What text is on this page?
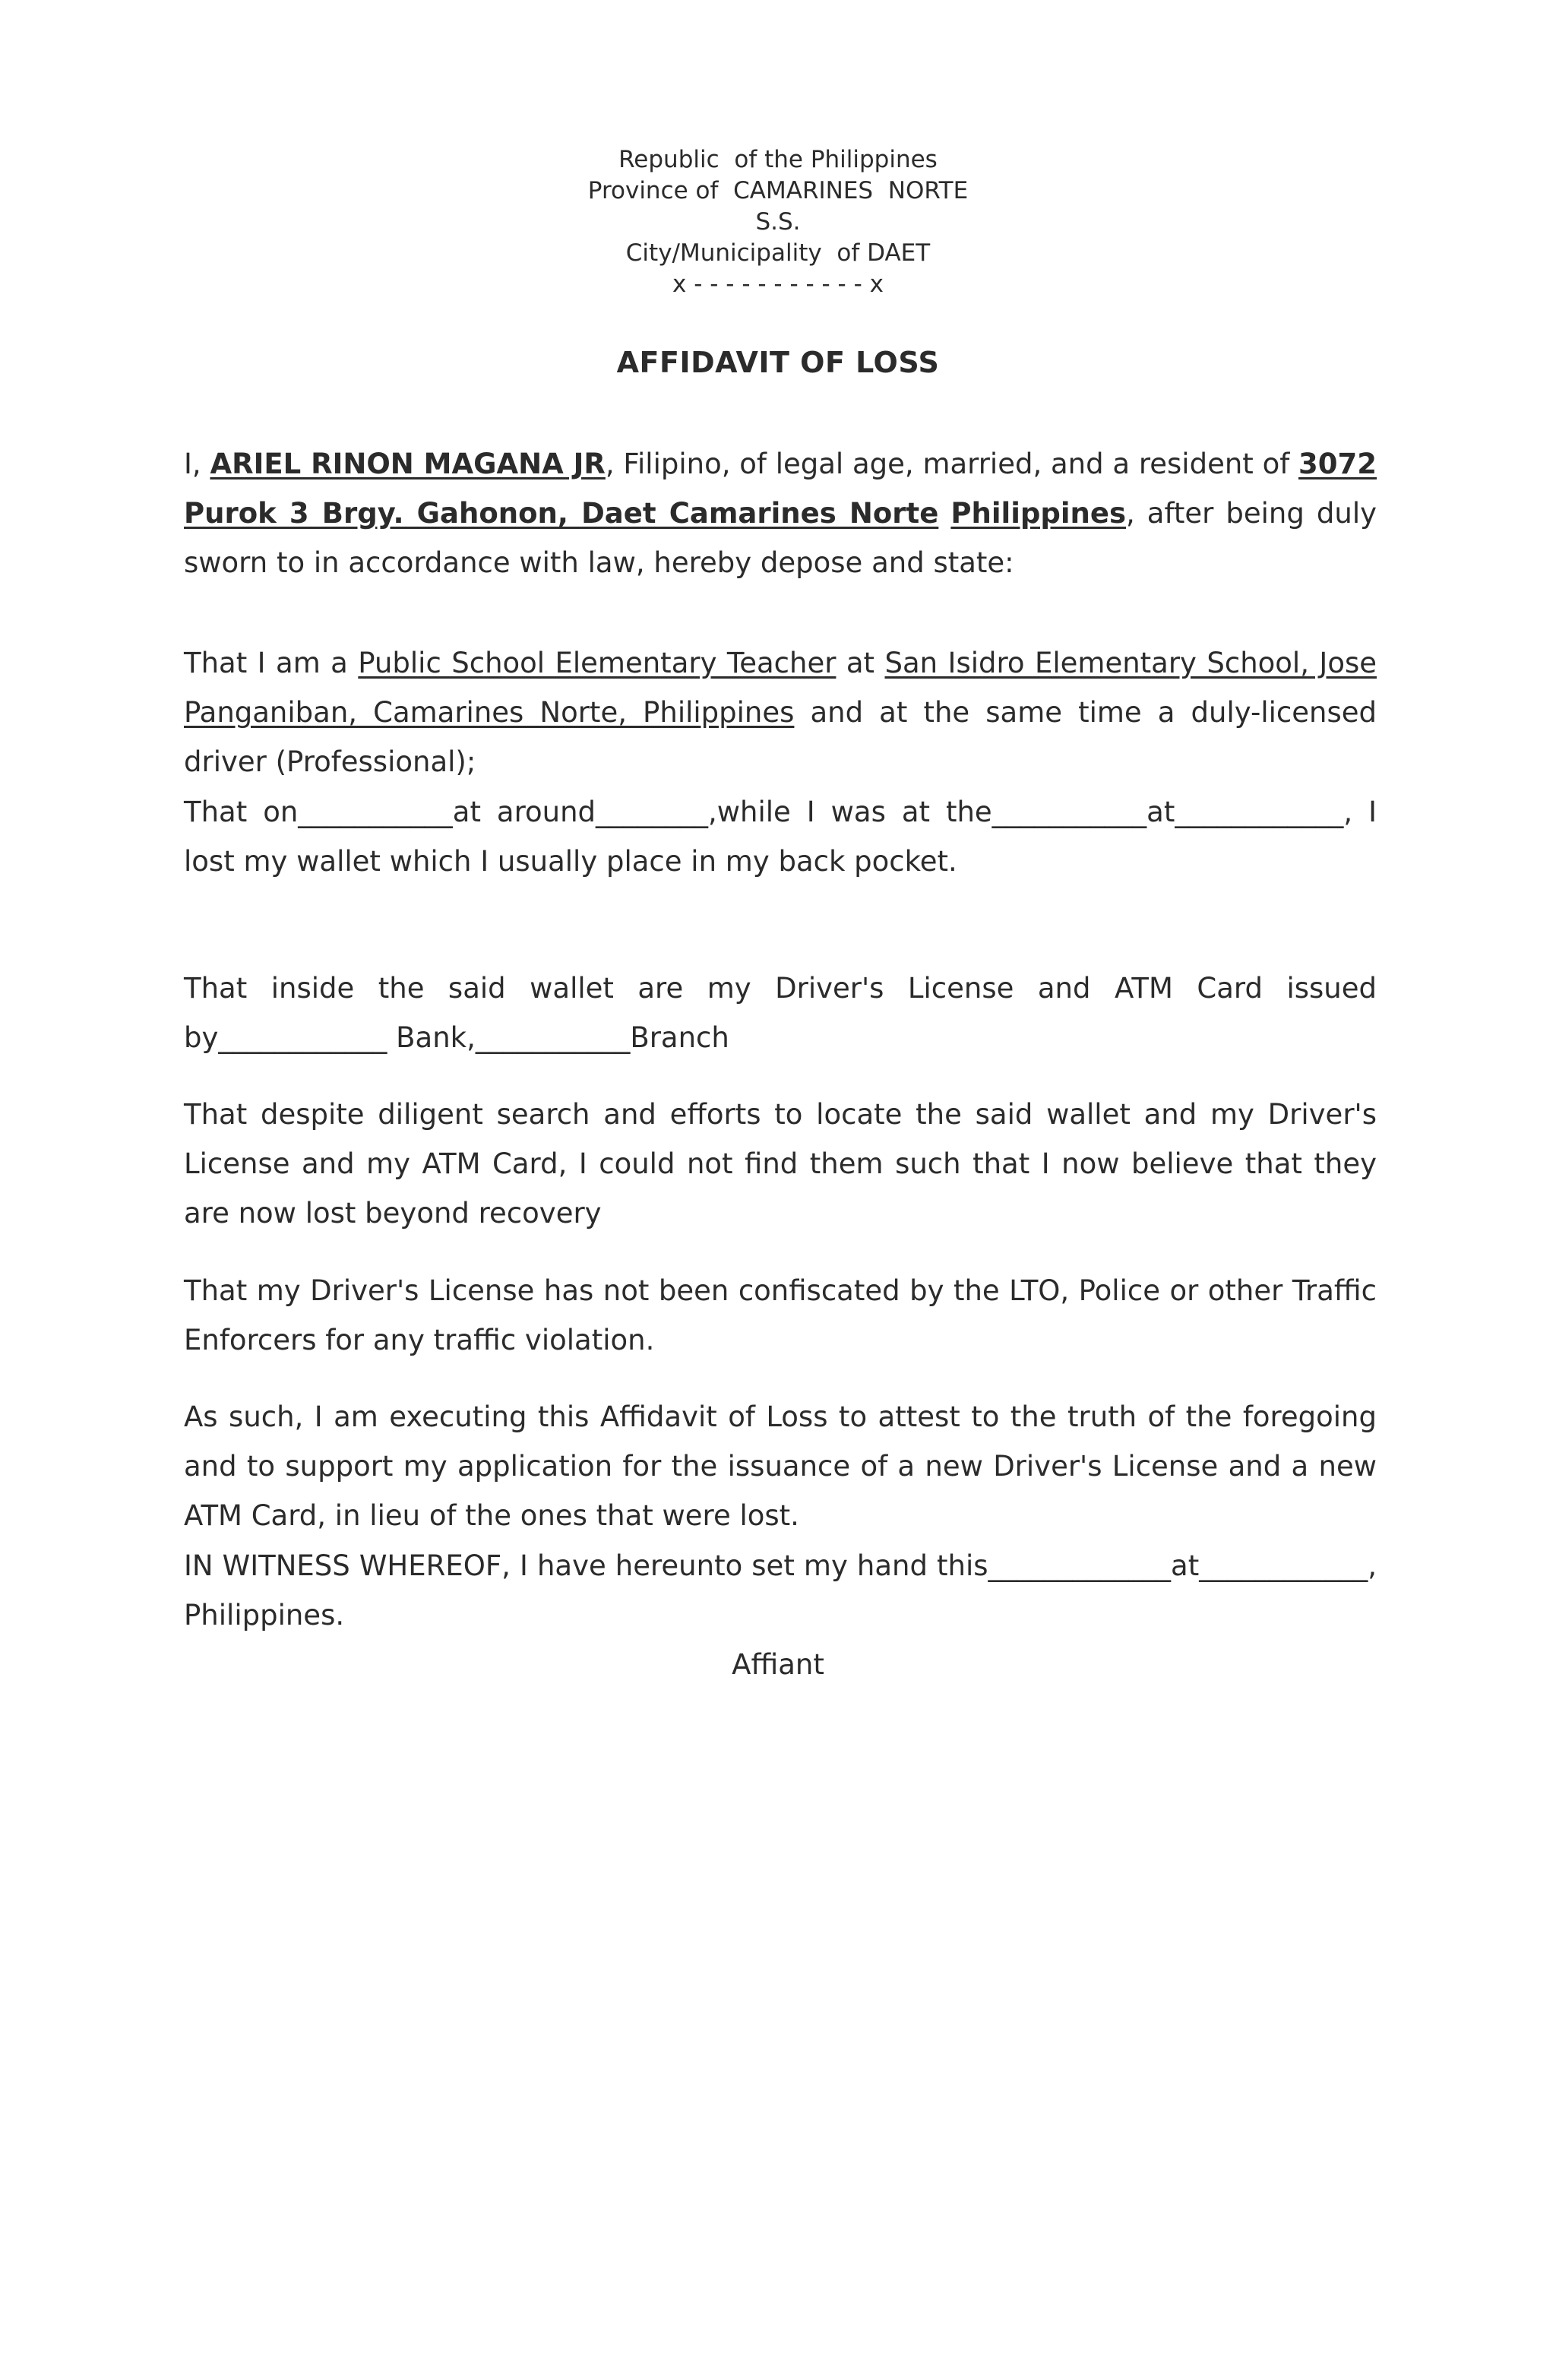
Republic  of the Philippines
Province of  CAMARINES  NORTE
S.S.
City/Municipality  of DAET
x - - - - - - - - - - - x
AFFIDAVIT OF LOSS
I, ARIEL RINON MAGANA JR, Filipino, of legal age, married, and a resident of 3072 Purok 3 Brgy. Gahonon, Daet Camarines Norte Philippines, after being duly sworn to in accordance with law, hereby depose and state:
That I am a Public School Elementary Teacher at San Isidro Elementary School, Jose Panganiban, Camarines Norte, Philippines and at the same time a duly-licensed driver (Professional);
That on___________at around________,while I was at the___________at____________, I lost my wallet which I usually place in my back pocket.
That inside the said wallet are my Driver's License and ATM Card issued by____________ Bank,___________Branch
That despite diligent search and efforts to locate the said wallet and my Driver's License and my ATM Card, I could not find them such that I now believe that they are now lost beyond recovery
That my Driver's License has not been confiscated by the LTO, Police or other Traffic Enforcers for any traffic violation.
As such, I am executing this Affidavit of Loss to attest to the truth of the foregoing and to support my application for the issuance of a new Driver's License and a new ATM Card, in lieu of the ones that were lost.
IN WITNESS WHEREOF, I have hereunto set my hand this_____________at____________, Philippines.
Affiant
